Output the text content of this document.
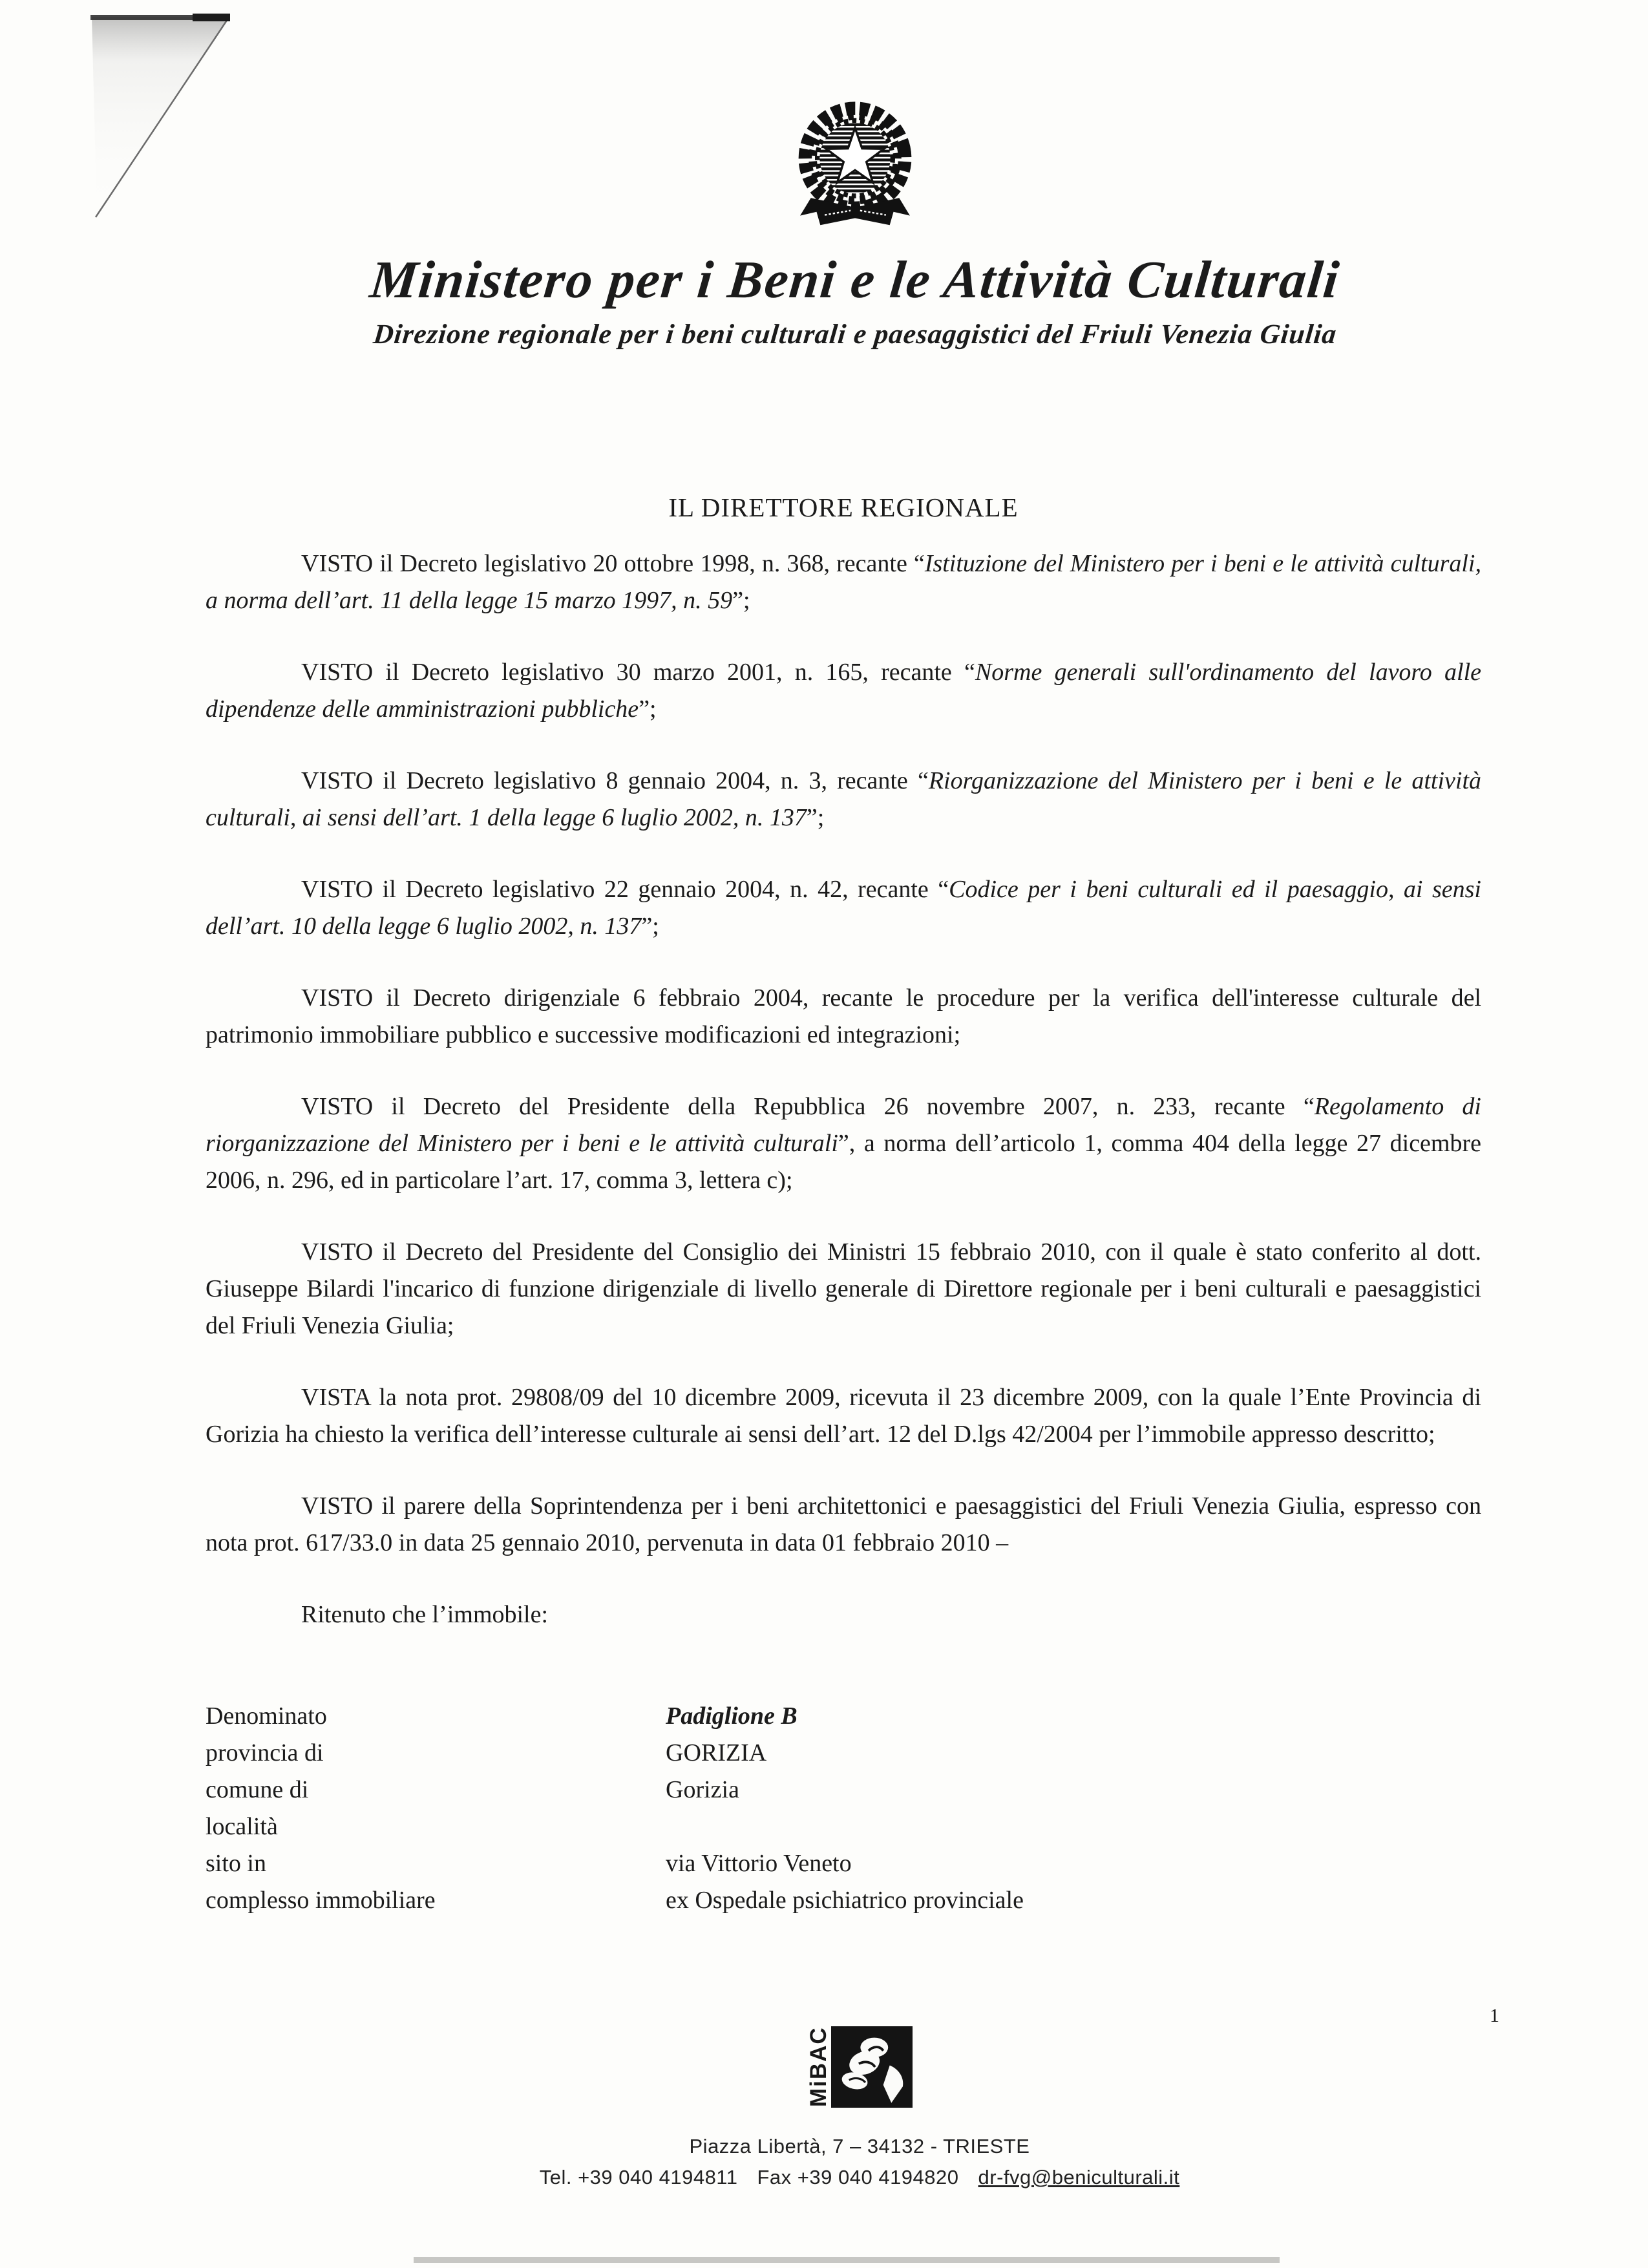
Ministero per i Beni e le Attività Culturali
Direzione regionale per i beni culturali e paesaggistici del Friuli Venezia Giulia
IL DIRETTORE REGIONALE

VISTO il Decreto legislativo 20 ottobre 1998, n. 368, recante “Istituzione del Ministero per i beni e le attività culturali, a norma dell’art. 11 della legge 15 marzo 1997, n. 59”;

VISTO il Decreto legislativo 30 marzo 2001, n. 165, recante “Norme generali sull'ordinamento del lavoro alle dipendenze delle amministrazioni pubbliche”;

VISTO il Decreto legislativo 8 gennaio 2004, n. 3, recante “Riorganizzazione del Ministero per i beni e le attività culturali, ai sensi dell’art. 1 della legge 6 luglio 2002, n. 137”;

VISTO il Decreto legislativo 22 gennaio 2004, n. 42, recante “Codice per i beni culturali ed il paesaggio, ai sensi dell’art. 10 della legge 6 luglio 2002, n. 137”;

VISTO il Decreto dirigenziale 6 febbraio 2004, recante le procedure per la verifica dell'interesse culturale del patrimonio immobiliare pubblico e successive modificazioni ed integrazioni;

VISTO il Decreto del Presidente della Repubblica 26 novembre 2007, n. 233, recante “Regolamento di riorganizzazione del Ministero per i beni e le attività culturali”, a norma dell’articolo 1, comma 404 della legge 27 dicembre 2006, n. 296, ed in particolare l’art. 17, comma 3, lettera c);

VISTO il Decreto del Presidente del Consiglio dei Ministri 15 febbraio 2010, con il quale è stato conferito al dott. Giuseppe Bilardi l'incarico di funzione dirigenziale di livello generale di Direttore regionale per i beni culturali e paesaggistici del Friuli Venezia Giulia;

VISTA la nota prot. 29808/09 del 10 dicembre 2009, ricevuta il 23 dicembre 2009, con la quale l’Ente Provincia di Gorizia ha chiesto la verifica dell’interesse culturale ai sensi dell’art. 12 del D.lgs 42/2004 per l’immobile appresso descritto;

VISTO il parere della Soprintendenza per i beni architettonici e paesaggistici del Friuli Venezia Giulia, espresso con nota prot. 617/33.0 in data 25 gennaio 2010, pervenuta in data 01 febbraio 2010 –

Ritenuto che l’immobile:

Denominato	Padiglione B
provincia di	GORIZIA
comune di	Gorizia
località
sito in	via Vittorio Veneto
complesso immobiliare	ex Ospedale psichiatrico provinciale
MiBAC
Piazza Libertà, 7 – 34132 - TRIESTE
Tel. +39 040 4194811 Fax +39 040 4194820 dr-fvg@beniculturali.it
1
